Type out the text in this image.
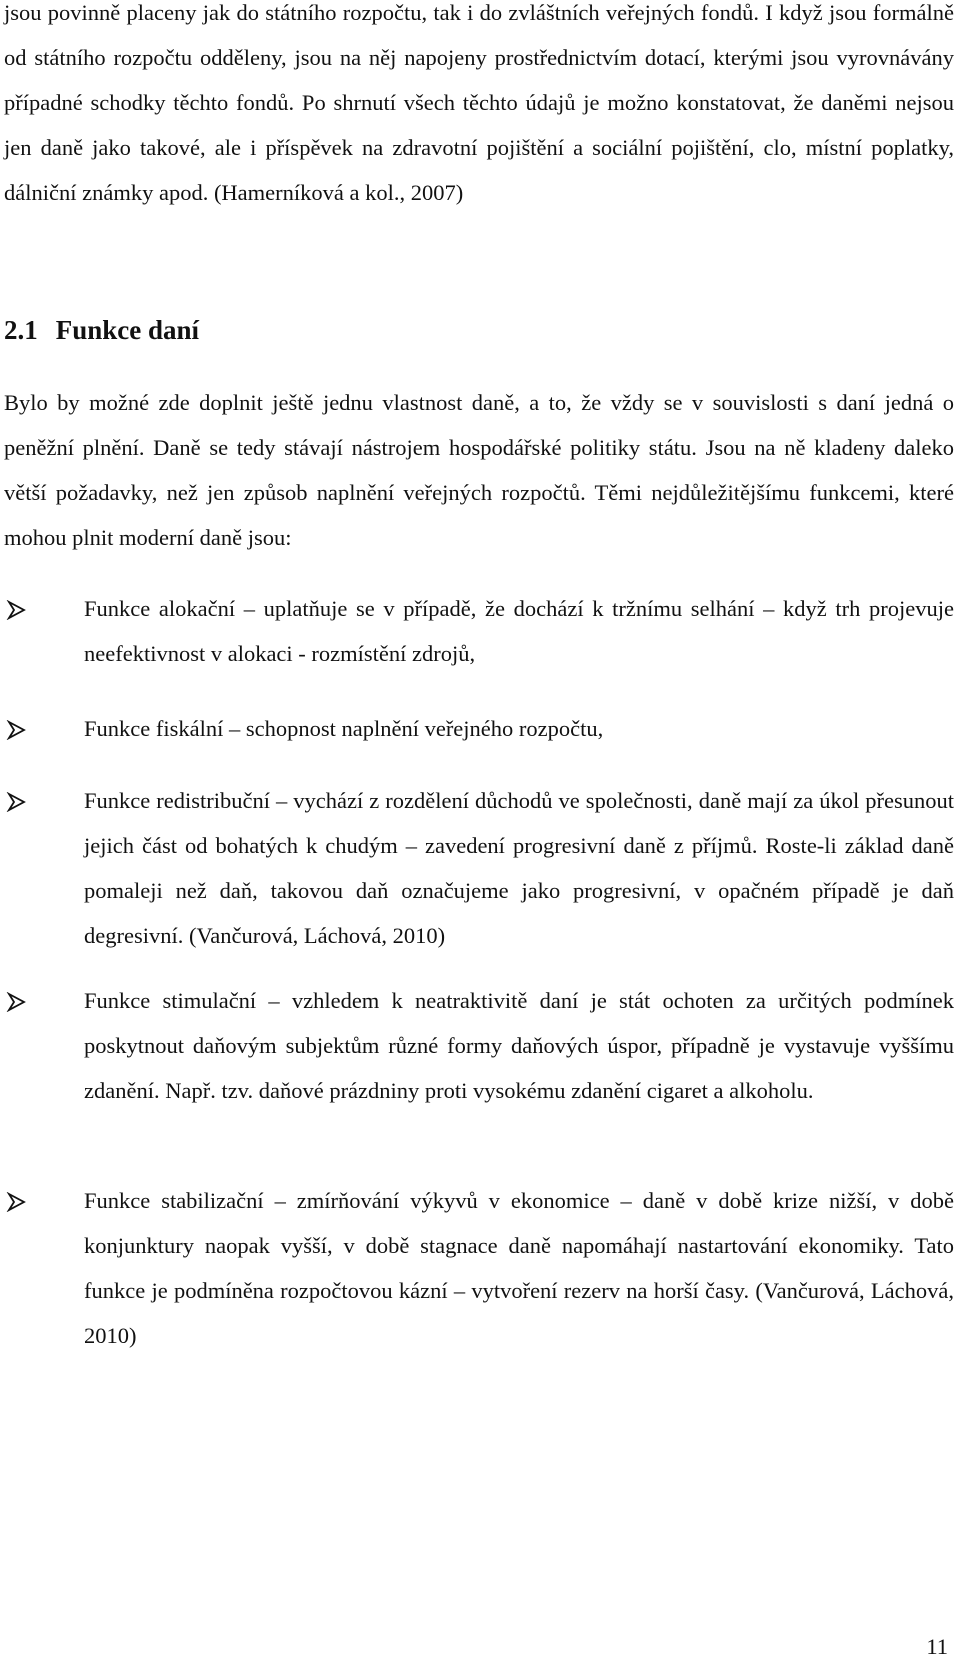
jsou povinně placeny jak do státního rozpočtu, tak i do zvláštních veřejných fondů. I když jsou formálně od státního rozpočtu odděleny, jsou na něj napojeny prostřednictvím dotací, kterými jsou vyrovnávány případné schodky těchto fondů. Po shrnutí všech těchto údajů je možno konstatovat, že daněmi nejsou jen daně jako takové, ale i příspěvek na zdravotní pojištění a sociální pojištění, clo, místní poplatky, dálniční známky apod. (Hamerníková a kol., 2007)

2.1 Funkce daní

Bylo by možné zde doplnit ještě jednu vlastnost daně, a to, že vždy se v souvislosti s daní jedná o peněžní plnění. Daně se tedy stávají nástrojem hospodářské politiky státu. Jsou na ně kladeny daleko větší požadavky, než jen způsob naplnění veřejných rozpočtů. Těmi nejdůležitějšímu funkcemi, které mohou plnit moderní daně jsou:

Funkce alokační – uplatňuje se v případě, že dochází k tržnímu selhání – když trh projevuje neefektivnost v alokaci - rozmístění zdrojů,

Funkce fiskální – schopnost naplnění veřejného rozpočtu,

Funkce redistribuční – vychází z rozdělení důchodů ve společnosti, daně mají za úkol přesunout jejich část od bohatých k chudým – zavedení progresivní daně z příjmů. Roste-li základ daně pomaleji než daň, takovou daň označujeme jako progresivní, v opačném případě je daň degresivní. (Vančurová, Láchová, 2010)

Funkce stimulační – vzhledem k neatraktivitě daní je stát ochoten za určitých podmínek poskytnout daňovým subjektům různé formy daňových úspor, případně je vystavuje vyššímu zdanění. Např. tzv. daňové prázdniny proti vysokému zdanění cigaret a alkoholu.

Funkce stabilizační – zmírňování výkyvů v ekonomice – daně v době krize nižší, v době konjunktury naopak vyšší, v době stagnace daně napomáhají nastartování ekonomiky. Tato funkce je podmíněna rozpočtovou kázní – vytvoření rezerv na horší časy. (Vančurová, Láchová, 2010)

11
